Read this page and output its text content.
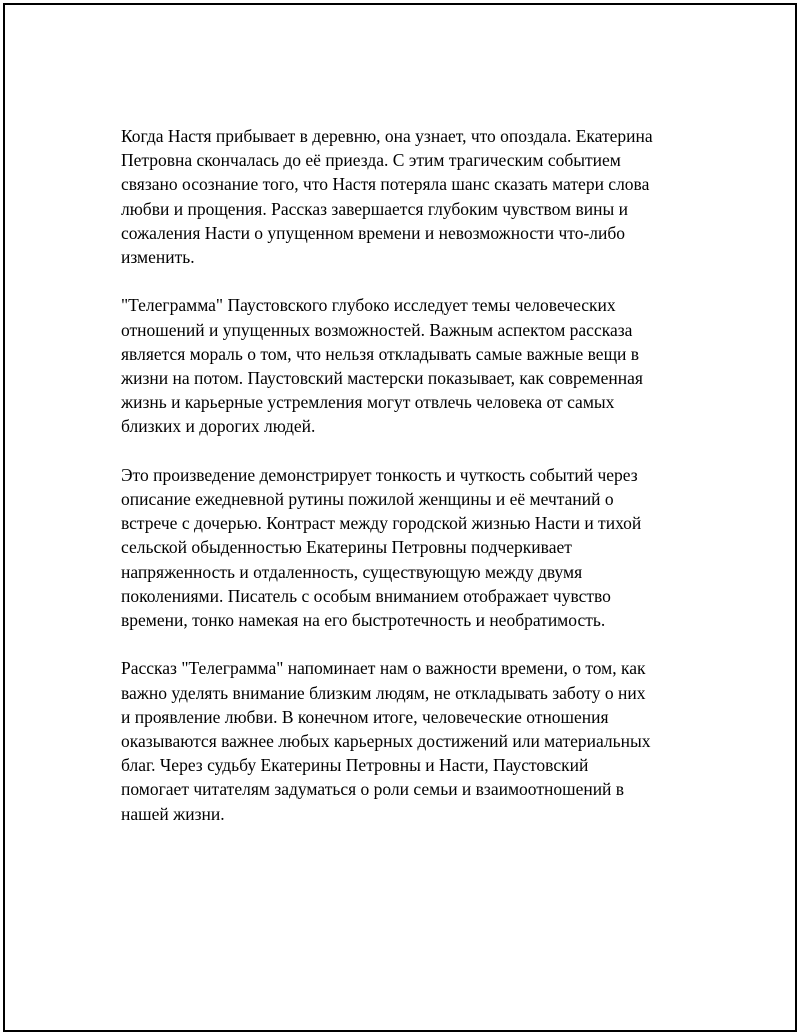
Когда Настя прибывает в деревню, она узнает, что опоздала. Екатерина
Петровна скончалась до её приезда. С этим трагическим событием
связано осознание того, что Настя потеряла шанс сказать матери слова
любви и прощения. Рассказ завершается глубоким чувством вины и
сожаления Насти о упущенном времени и невозможности что-либо
изменить.

"Телеграмма" Паустовского глубоко исследует темы человеческих
отношений и упущенных возможностей. Важным аспектом рассказа
является мораль о том, что нельзя откладывать самые важные вещи в
жизни на потом. Паустовский мастерски показывает, как современная
жизнь и карьерные устремления могут отвлечь человека от самых
близких и дорогих людей.

Это произведение демонстрирует тонкость и чуткость событий через
описание ежедневной рутины пожилой женщины и её мечтаний о
встрече с дочерью. Контраст между городской жизнью Насти и тихой
сельской обыденностью Екатерины Петровны подчеркивает
напряженность и отдаленность, существующую между двумя
поколениями. Писатель с особым вниманием отображает чувство
времени, тонко намекая на его быстротечность и необратимость.

Рассказ "Телеграмма" напоминает нам о важности времени, о том, как
важно уделять внимание близким людям, не откладывать заботу о них
и проявление любви. В конечном итоге, человеческие отношения
оказываются важнее любых карьерных достижений или материальных
благ. Через судьбу Екатерины Петровны и Насти, Паустовский
помогает читателям задуматься о роли семьи и взаимоотношений в
нашей жизни.
